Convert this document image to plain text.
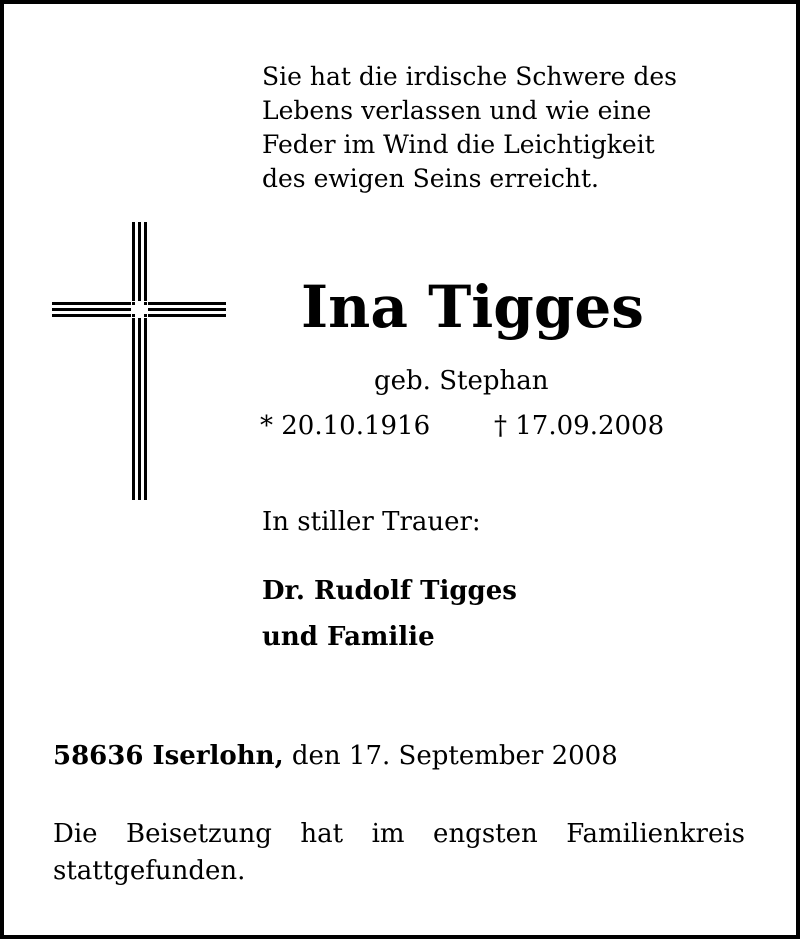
Sie hat die irdische Schwere des
Lebens verlassen und wie eine
Feder im Wind die Leichtigkeit
des ewigen Seins erreicht.
Ina Tigges
geb. Stephan
* 20.10.1916 † 17.09.2008
In stiller Trauer:
Dr. Rudolf Tigges
und Familie
58636 Iserlohn, den 17. September 2008
Die Beisetzung hat im engsten Familienkreis
stattgefunden.
